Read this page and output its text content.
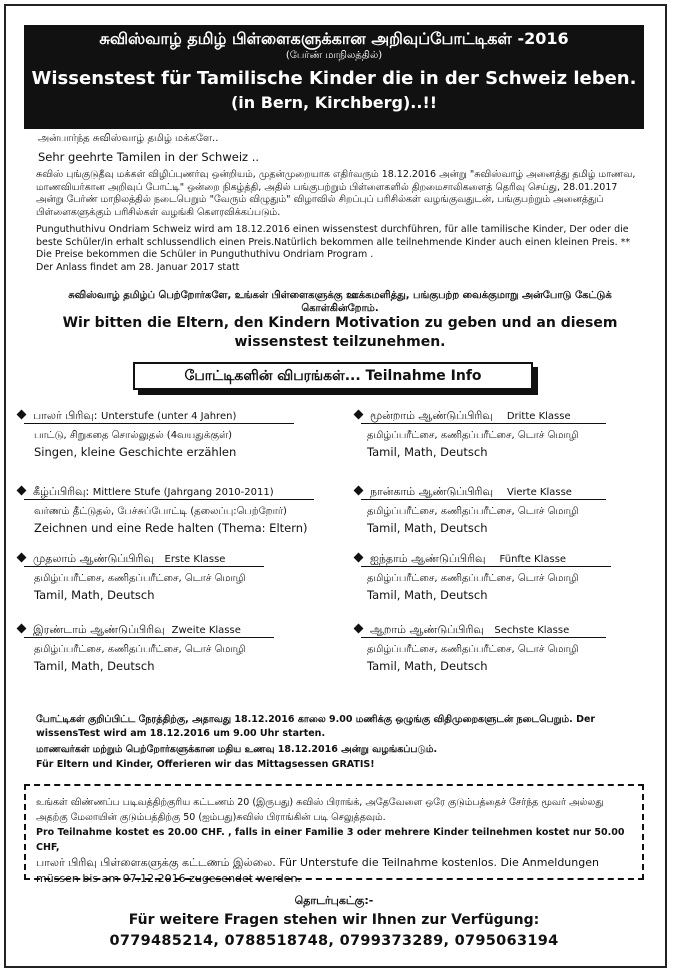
சுவிஸ்வாழ் தமிழ் பிள்ளைகளுக்கான அறிவுப்போட்டிகள் -2016
(பேர்ண் மாநிலத்தில்)
Wissenstest für Tamilische Kinder die in der Schweiz leben.
(in Bern, Kirchberg)..!!
அன்பார்ந்த சுவிஸ்வாழ் தமிழ் மக்களே..
Sehr geehrte Tamilen in der Schweiz ..
சுவிஸ் புங்குடுதீவு மக்கள் விழிப்புணர்வு ஒன்றியம், முதன்முறையாக எதிர்வரும் 18.12.2016 அன்று "சுவிஸ்வாழ் அனைத்து தமிழ் மாணவ, மாணவியர்கான அறிவுப் போட்டி" ஒன்றை நிகழ்த்தி, அதில் பங்குபற்றும் பிள்ளைகளில் திறமைசாலிகளைத் தெரிவு செய்து, 28.01.2017 அன்று பேர்ண் மாநிலத்தில் நடைபெறும் "வேரும் விழுதும்" விழாவில் சிறப்புப் பரிசில்கள் வழங்குவதுடன், பங்குபற்றும் அனைத்துப் பிள்ளைகளுக்கும் பரிசில்கள் வழங்கி கௌரவிக்கப்படும்.
Punguthuthivu Ondriam Schweiz wird am 18.12.2016 einen wissenstest durchführen, für alle tamilische Kinder, Der oder die beste Schüler/in erhalt schlussendlich einen Preis.Natürlich bekommen alle teilnehmende Kinder auch einen kleinen Preis. ** Die Preise bekommen die Schüler in Punguthuthivu Ondriam Program .
Der Anlass findet am 28. Januar 2017 statt
சுவிஸ்வாழ் தமிழ்ப் பெற்றோர்களே, உங்கள் பிள்ளைகளுக்கு ஊக்கமளித்து, பங்குபற்ற வைக்குமாறு அன்போடு கேட்டுக் கொள்கின்றோம்.
Wir bitten die Eltern, den Kindern Motivation zu geben und an diesem wissenstest teilzunehmen.
போட்டிகளின் விபரங்கள்... Teilnahme Info
பாலர் பிரிவு: Unterstufe (unter 4 Jahren)
பாட்டு, சிறுகதை சொல்லுதல் (4வயதுக்குள்)
Singen, kleine Geschichte erzählen
கீழ்ப்பிரிவு: Mittlere Stufe (Jahrgang 2010-2011)
வர்ணம் தீட்டுதல், பேச்சுப்போட்டி (தலைப்பு:பெற்றோர்)
Zeichnen und eine Rede halten (Thema: Eltern)
முதலாம் ஆண்டுப்பிரிவு Erste Klasse
தமிழ்ப்பரீட்சை, கணிதப்பரீட்சை, டொச் மொழி
Tamil, Math, Deutsch
இரண்டாம் ஆண்டுப்பிரிவு Zweite Klasse
தமிழ்ப்பரீட்சை, கணிதப்பரீட்சை, டொச் மொழி
Tamil, Math, Deutsch
மூன்றாம் ஆண்டுப்பிரிவு Dritte Klasse
தமிழ்ப்பரீட்சை, கணிதப்பரீட்சை, டொச் மொழி
Tamil, Math, Deutsch
நான்காம் ஆண்டுப்பிரிவு Vierte Klasse
தமிழ்ப்பரீட்சை, கணிதப்பரீட்சை, டொச் மொழி
Tamil, Math, Deutsch
ஐந்தாம் ஆண்டுப்பிரிவு Fünfte Klasse
தமிழ்ப்பரீட்சை, கணிதப்பரீட்சை, டொச் மொழி
Tamil, Math, Deutsch
ஆறாம் ஆண்டுப்பிரிவு Sechste Klasse
தமிழ்ப்பரீட்சை, கணிதப்பரீட்சை, டொச் மொழி
Tamil, Math, Deutsch
போட்டிகள் குறிப்பிட்ட நேரத்திற்கு, அதாவது 18.12.2016 காலை 9.00 மணிக்கு ஒழுங்கு விதிமுறைகளுடன் நடைபெறும். Der wissensTest wird am 18.12.2016 um 9.00 Uhr starten.
மாணவர்கள் மற்றும் பெற்றோர்களுக்கான மதிய உணவு 18.12.2016 அன்று வழங்கப்படும்.
Für Eltern und Kinder, Offerieren wir das Mittagsessen GRATIS!
உங்கள் விண்ணப்ப படிவத்திற்குரிய கட்டணம் 20 (இருபது) சுவிஸ் பிராங்க், அதேவேளை ஒரே குடும்பத்தைச் சேர்ந்த மூவர் அல்லது அதற்கு மேலாயின் குடும்பத்திற்கு 50 (ஐம்பது)சுவிஸ் பிராங்கின் படி செலுத்தவும்.
Pro Teilnahme kostet es 20.00 CHF. , falls in einer Familie 3 oder mehrere Kinder teilnehmen kostet nur 50.00 CHF,
பாலர் பிரிவு பிள்ளைகளுக்கு கட்டணம் இல்லை. Für Unterstufe die Teilnahme kostenlos. Die Anmeldungen müssen bis am 07.12.2016 zugesendet werden.
தொடர்புகட்கு:-
Für weitere Fragen stehen wir Ihnen zur Verfügung:
0779485214, 0788518748, 0799373289, 0795063194
